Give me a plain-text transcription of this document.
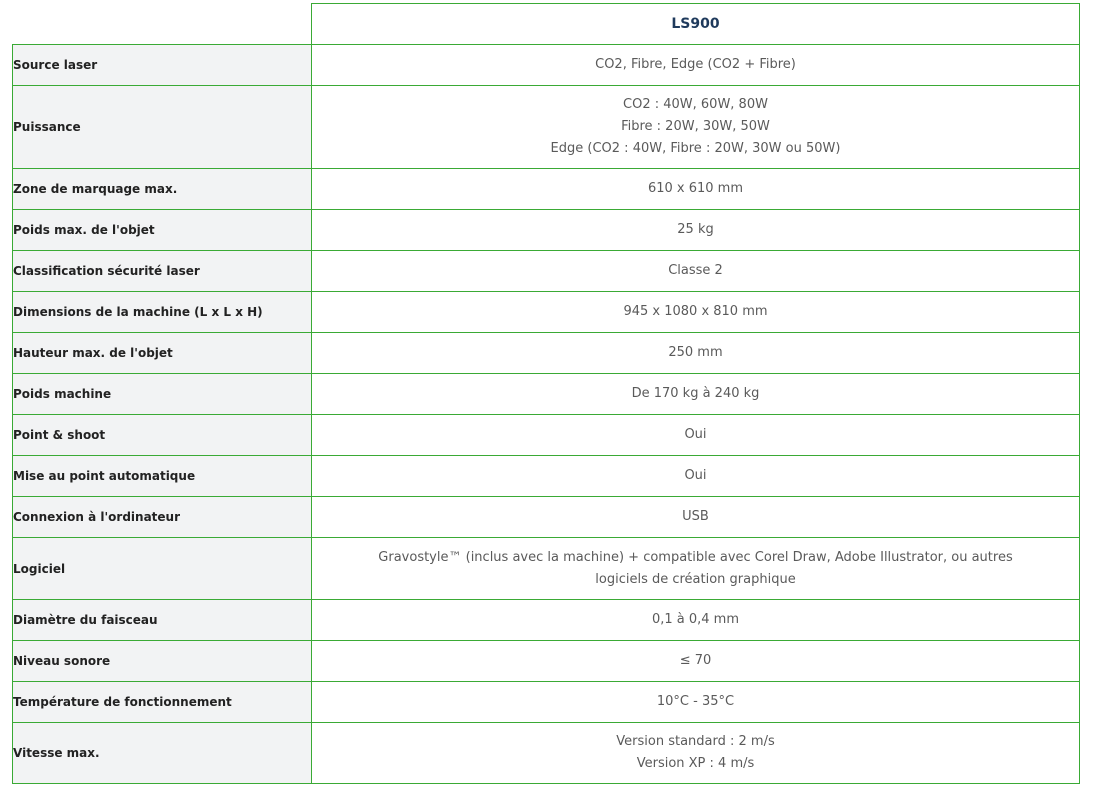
	LS900
Source laser	CO2, Fibre, Edge (CO2 + Fibre)

Puissance	CO2 : 40W, 60W, 80W
Fibre : 20W, 30W, 50W
Edge (CO2 : 40W, Fibre : 20W, 30W ou 50W)

Zone de marquage max.	610 x 610 mm

Poids max. de l'objet	25 kg

Classification sécurité laser	Classe 2

Dimensions de la machine (L x L x H)	945 x 1080 x 810 mm

Hauteur max. de l'objet	250 mm

Poids machine	De 170 kg à 240 kg

Point & shoot	Oui

Mise au point automatique	Oui

Connexion à l'ordinateur	USB

Logiciel	Gravostyle™ (inclus avec la machine) + compatible avec Corel Draw, Adobe Illustrator, ou autres
logiciels de création graphique

Diamètre du faisceau	0,1 à 0,4 mm

Niveau sonore	≤ 70

Température de fonctionnement	10°C - 35°C

Vitesse max.	Version standard : 2 m/s
Version XP : 4 m/s
